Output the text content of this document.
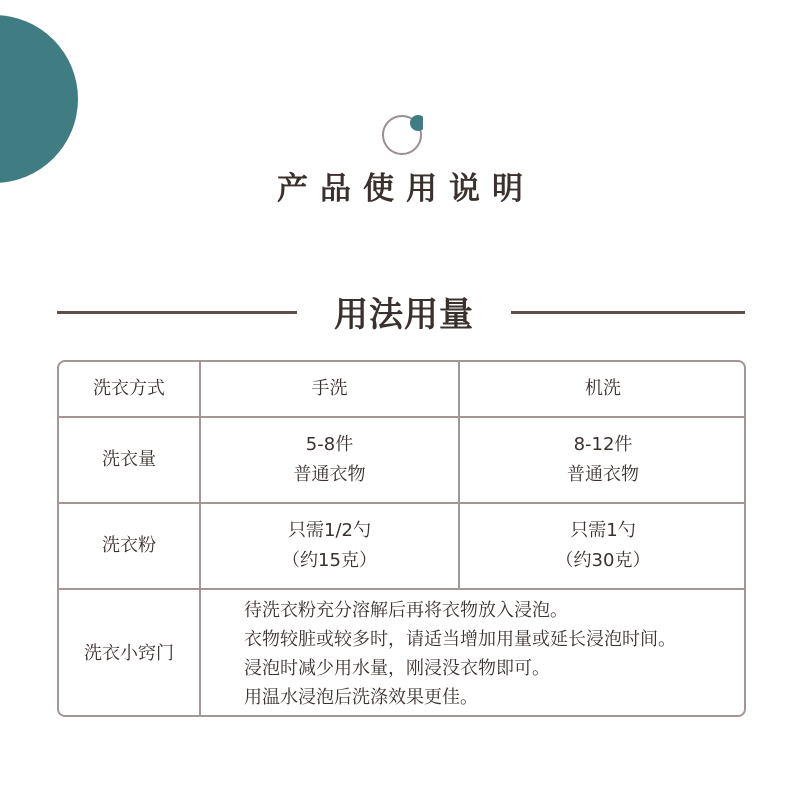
产品使用说明
用法用量
洗衣方式	手洗	机洗
洗衣量
5-8件
普通衣物
8-12件
普通衣物
洗衣粉
只需1/2勺
（约15克）
只需1勺
（约30克）
洗衣小窍门
待洗衣粉充分溶解后再将衣物放入浸泡。
衣物较脏或较多时，请适当增加用量或延长浸泡时间。
浸泡时减少用水量，刚浸没衣物即可。
用温水浸泡后洗涤效果更佳。
